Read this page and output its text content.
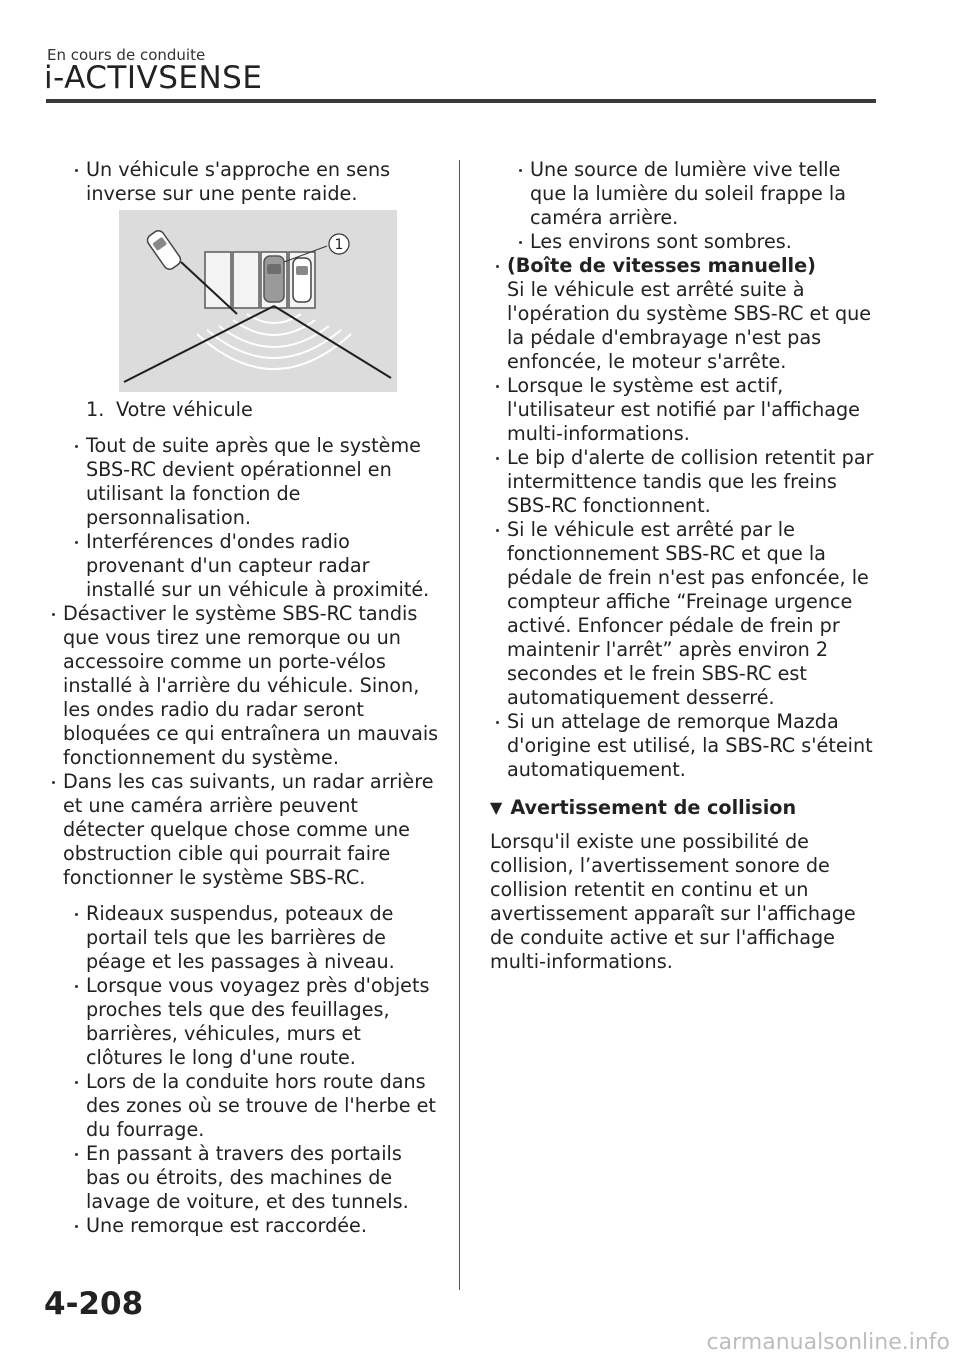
En cours de conduite
i-ACTIVSENSE
Un véhicule s'approche en sens inverse sur une pente raide.
1
1. Votre véhicule
Tout de suite après que le système SBS-RC devient opérationnel en utilisant la fonction de personnalisation.
Interférences d'ondes radio provenant d'un capteur radar installé sur un véhicule à proximité.
Désactiver le système SBS-RC tandis que vous tirez une remorque ou un accessoire comme un porte-vélos installé à l'arrière du véhicule. Sinon, les ondes radio du radar seront bloquées ce qui entraînera un mauvais fonctionnement du système.
Dans les cas suivants, un radar arrière et une caméra arrière peuvent détecter quelque chose comme une obstruction cible qui pourrait faire fonctionner le système SBS-RC.
Rideaux suspendus, poteaux de portail tels que les barrières de péage et les passages à niveau.
Lorsque vous voyagez près d'objets proches tels que des feuillages, barrières, véhicules, murs et clôtures le long d'une route.
Lors de la conduite hors route dans des zones où se trouve de l'herbe et du fourrage.
En passant à travers des portails bas ou étroits, des machines de lavage de voiture, et des tunnels.
Une remorque est raccordée.
Une source de lumière vive telle que la lumière du soleil frappe la caméra arrière.
Les environs sont sombres.
(Boîte de vitesses manuelle)
Si le véhicule est arrêté suite à l'opération du système SBS-RC et que la pédale d'embrayage n'est pas enfoncée, le moteur s'arrête.
Lorsque le système est actif, l'utilisateur est notifié par l'affichage multi-informations.
Le bip d'alerte de collision retentit par intermittence tandis que les freins SBS-RC fonctionnent.
Si le véhicule est arrêté par le fonctionnement SBS-RC et que la pédale de frein n'est pas enfoncée, le compteur affiche “Freinage urgence activé. Enfoncer pédale de frein pr maintenir l'arrêt” après environ 2 secondes et le frein SBS-RC est automatiquement desserré.
Si un attelage de remorque Mazda d'origine est utilisé, la SBS-RC s'éteint automatiquement.
▼ Avertissement de collision
Lorsqu'il existe une possibilité de collision, l’avertissement sonore de collision retentit en continu et un avertissement apparaît sur l'affichage de conduite active et sur l'affichage multi-informations.
4-208
carmanualsonline.info
